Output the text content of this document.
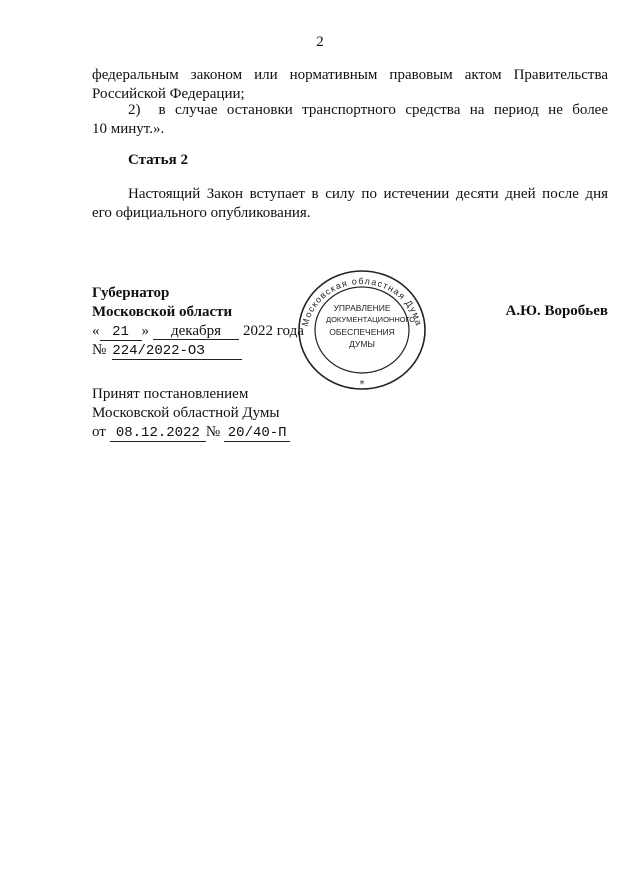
2
федеральным законом или нормативным правовым актом Правительства
Российской Федерации;
2) в случае остановки транспортного средства на период не более
10 минут.».
Статья 2
Настоящий Закон вступает в силу по истечении десяти дней после дня
его официального опубликования.
Губернатор
Московской области
« 21 » декабря 2022 года
№ 224/2022-ОЗ
А.Ю. Воробьев
Московская областная Дума
*
УПРАВЛЕНИЕ
ДОКУМЕНТАЦИОННОГО
ОБЕСПЕЧЕНИЯ
ДУМЫ
Принят постановлением
Московской областной Думы
от 08.12.2022 № 20/40-П
